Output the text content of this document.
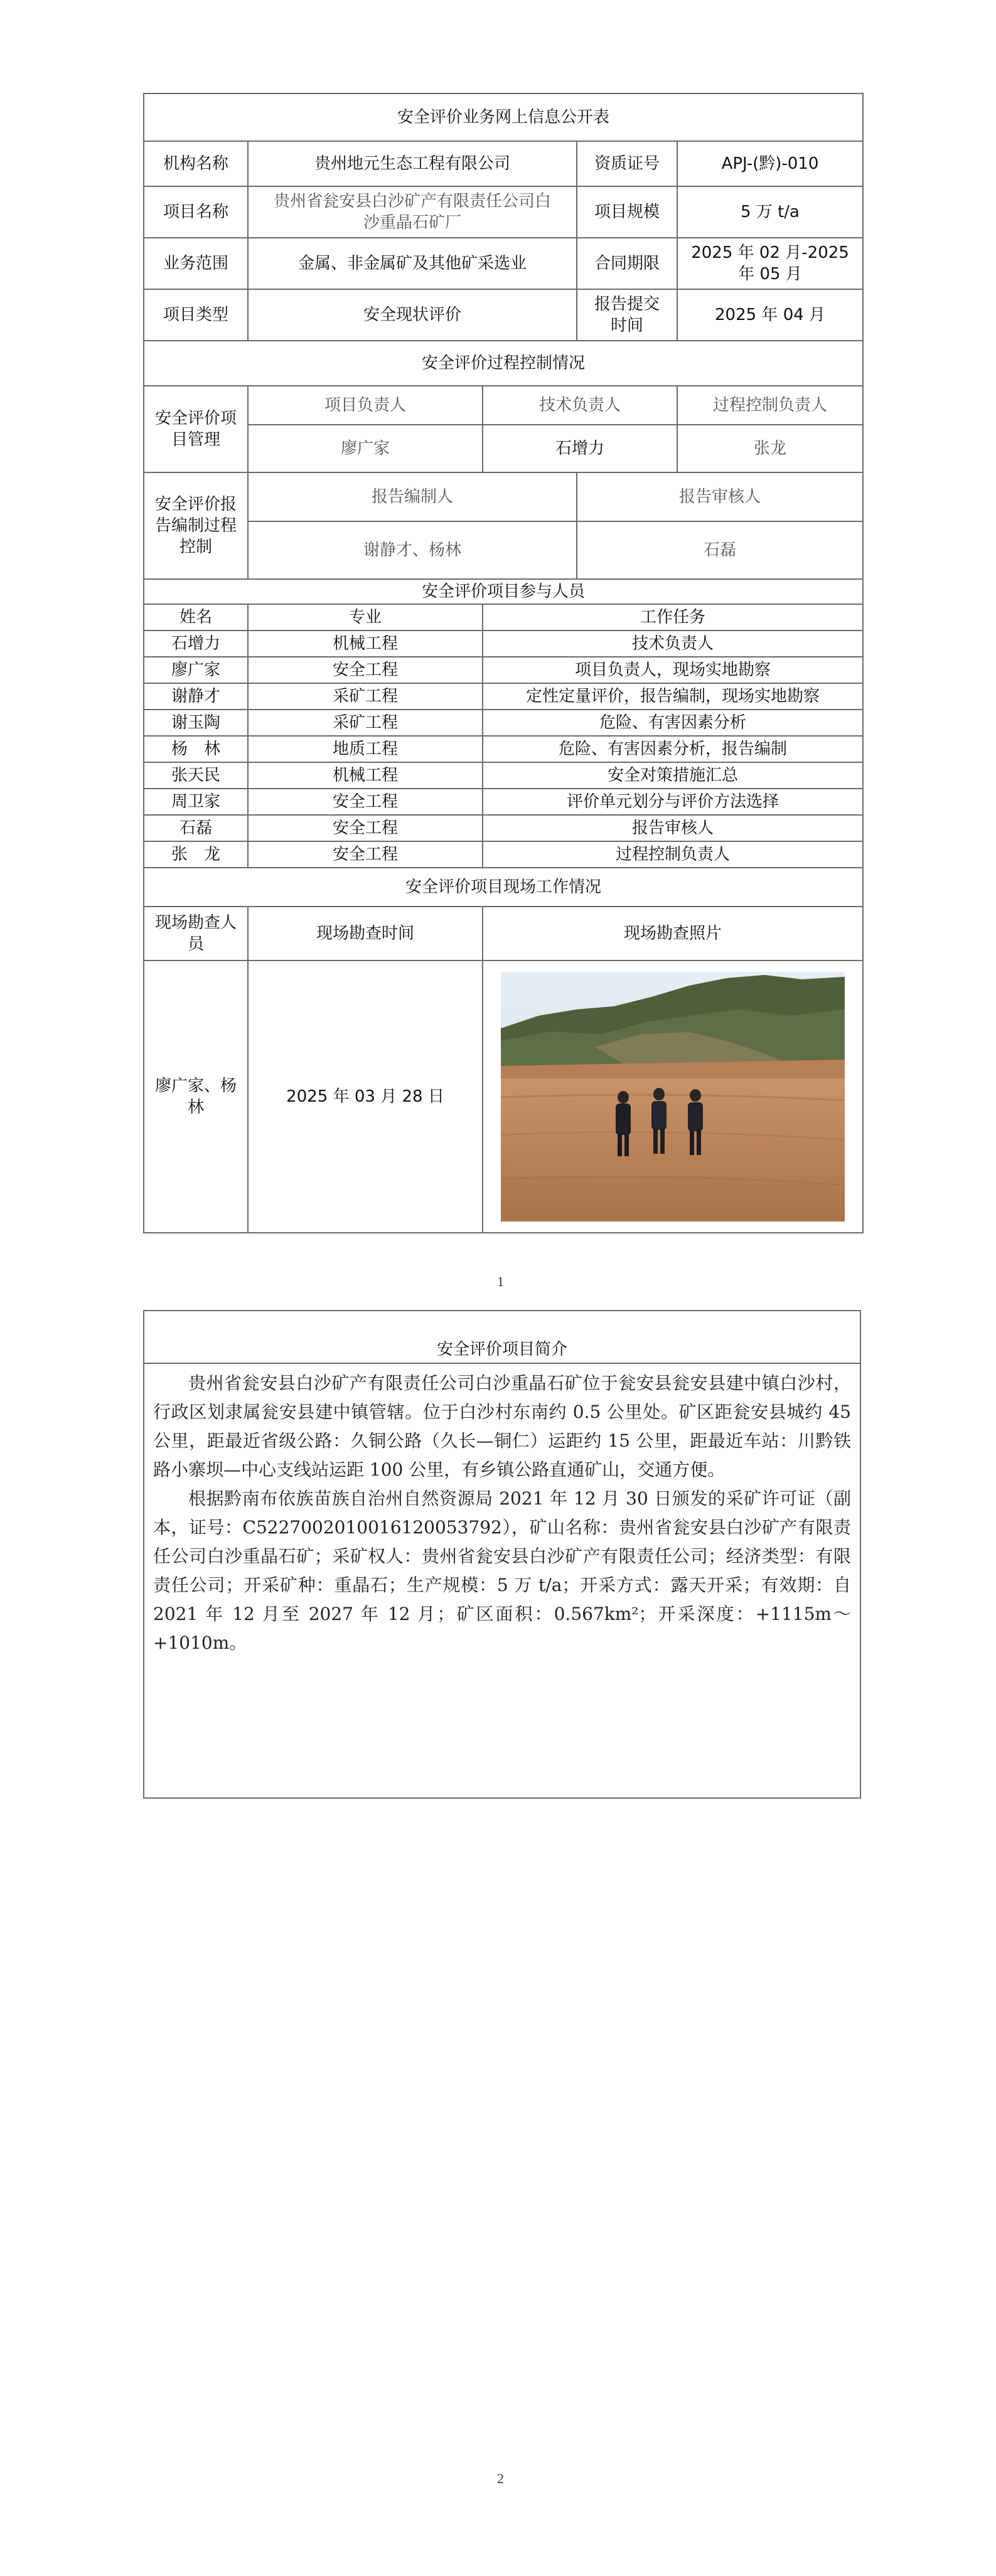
安全评价业务网上信息公开表				
机构名称	贵州地元生态工程有限公司		资质证号	APJ-(黔)-010
项目名称	贵州省瓮安县白沙矿产有限责任公司白沙重晶石矿厂		项目规模	5 万 t/a
业务范围	金属、非金属矿及其他矿采选业		合同期限	2025 年 02 月-2025 年 05 月
项目类型	安全现状评价		报告提交时间	2025 年 04 月
安全评价过程控制情况				
安全评价项目管理	项目负责人	技术负责人		过程控制负责人
	廖广家	石增力		张龙
安全评价报告编制过程控制	报告编制人		报告审核人	
	谢静才、杨林		石磊	
安全评价项目参与人员				
姓名	专业	工作任务		
石增力	机械工程	技术负责人		
廖广家	安全工程	项目负责人，现场实地勘察		
谢静才	采矿工程	定性定量评价，报告编制，现场实地勘察		
谢玉陶	采矿工程	危险、有害因素分析		
杨　林	地质工程	危险、有害因素分析，报告编制		
张天民	机械工程	安全对策措施汇总		
周卫家	安全工程	评价单元划分与评价方法选择		
石磊	安全工程	报告审核人		
张　龙	安全工程	过程控制负责人		
安全评价项目现场工作情况				
现场勘查人员	现场勘查时间	现场勘查照片		
廖广家、杨林	2025 年 03 月 28 日	
1
安全评价项目简介

贵州省瓮安县白沙矿产有限责任公司白沙重晶石矿位于瓮安县瓮安县建中镇白沙村，行政区划隶属瓮安县建中镇管辖。位于白沙村东南约 0.5 公里处。矿区距瓮安县城约 45 公里，距最近省级公路：久铜公路（久长—铜仁）运距约 15 公里，距最近车站：川黔铁路小寨坝—中心支线站运距 100 公里，有乡镇公路直通矿山，交通方便。

根据黔南布依族苗族自治州自然资源局 2021 年 12 月 30 日颁发的采矿许可证（副本，证号：C5227002010016120053792），矿山名称：贵州省瓮安县白沙矿产有限责任公司白沙重晶石矿；采矿权人：贵州省瓮安县白沙矿产有限责任公司；经济类型：有限责任公司；开采矿种：重晶石；生产规模：5 万 t/a；开采方式：露天开采；有效期：自 2021 年 12 月至 2027 年 12 月；矿区面积：0.567km²；开采深度：+1115m～+1010m。

2
